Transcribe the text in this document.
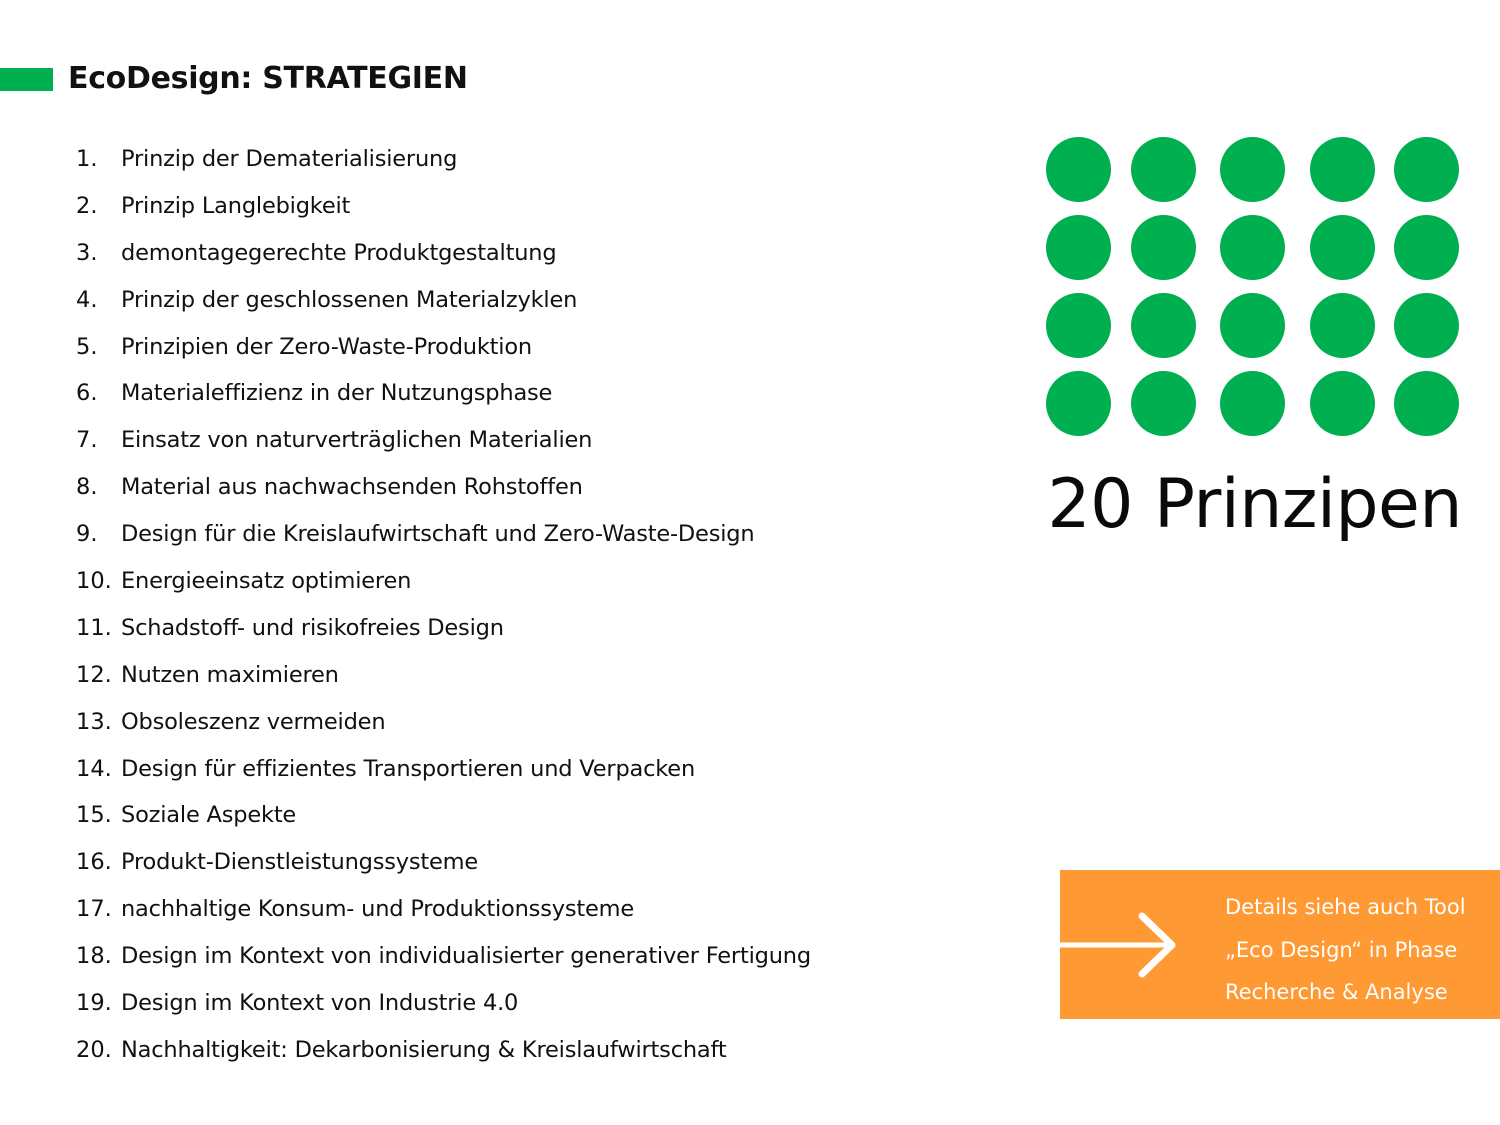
EcoDesign: STRATEGIEN
1.	Prinzip der Dematerialisierung
2.	Prinzip Langlebigkeit
3.	demontagegerechte Produktgestaltung
4.	Prinzip der geschlossenen Materialzyklen
5.	Prinzipien der Zero-Waste-Produktion
6.	Materialeffizienz in der Nutzungsphase
7.	Einsatz von naturverträglichen Materialien
8.	Material aus nachwachsenden Rohstoffen
9.	Design für die Kreislaufwirtschaft und Zero-Waste-Design
10. Energieeinsatz optimieren
11. Schadstoff- und risikofreies Design
12. Nutzen maximieren
13. Obsoleszenz vermeiden
14. Design für effizientes Transportieren und Verpacken
15. Soziale Aspekte
16. Produkt-Dienstleistungssysteme
17. nachhaltige Konsum- und Produktionssysteme
18. Design im Kontext von individualisierter generativer Fertigung
19. Design im Kontext von Industrie 4.0
20. Nachhaltigkeit: Dekarbonisierung & Kreislaufwirtschaft
20 Prinzipen
Details siehe auch Tool
„Eco Design“ in Phase
Recherche & Analyse
